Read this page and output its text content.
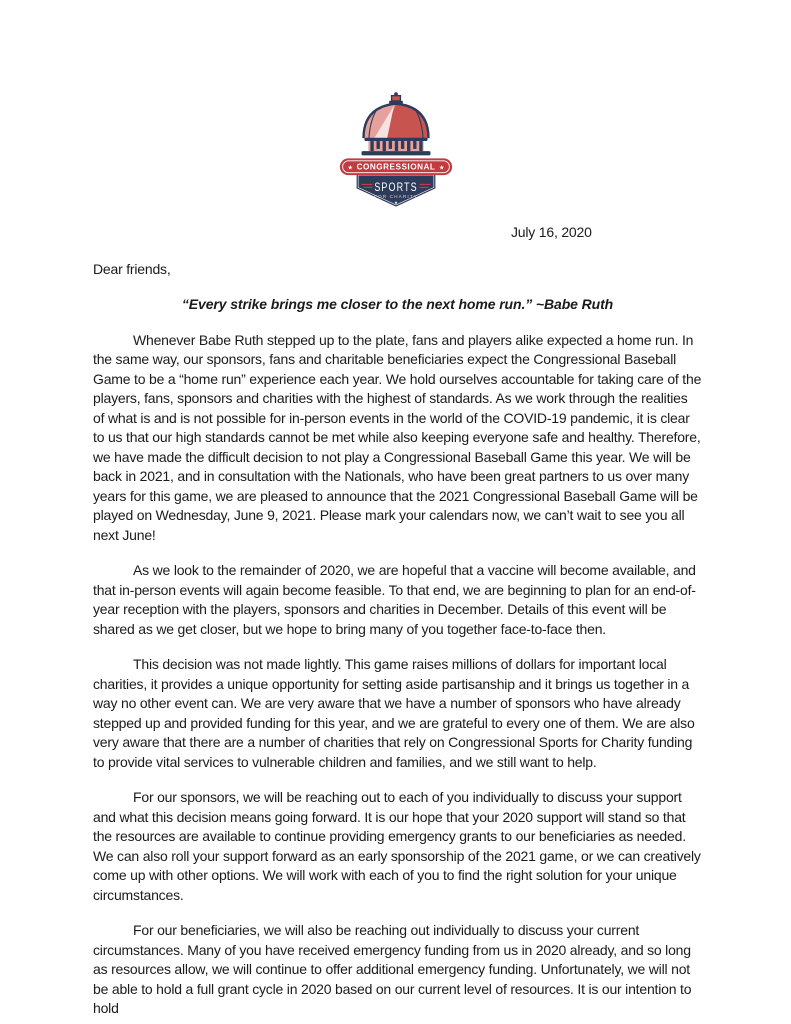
SPORTS
FOR CHARITY
★
★	★
CONGRESSIONAL
July 16, 2020
Dear friends,
“Every strike brings me closer to the next home run.” ~Babe Ruth

Whenever Babe Ruth stepped up to the plate, fans and players alike expected a home run. In the same way, our sponsors, fans and charitable beneficiaries expect the Congressional Baseball Game to be a “home run” experience each year. We hold ourselves accountable for taking care of the players, fans, sponsors and charities with the highest of standards. As we work through the realities of what is and is not possible for in-person events in the world of the COVID-19 pandemic, it is clear to us that our high standards cannot be met while also keeping everyone safe and healthy. Therefore, we have made the difficult decision to not play a Congressional Baseball Game this year. We will be back in 2021, and in consultation with the Nationals, who have been great partners to us over many years for this game, we are pleased to announce that the 2021 Congressional Baseball Game will be played on Wednesday, June 9, 2021. Please mark your calendars now, we can’t wait to see you all next June!

As we look to the remainder of 2020, we are hopeful that a vaccine will become available, and that in-person events will again become feasible. To that end, we are beginning to plan for an end-of-year reception with the players, sponsors and charities in December. Details of this event will be shared as we get closer, but we hope to bring many of you together face-to-face then.

This decision was not made lightly. This game raises millions of dollars for important local charities, it provides a unique opportunity for setting aside partisanship and it brings us together in a way no other event can. We are very aware that we have a number of sponsors who have already stepped up and provided funding for this year, and we are grateful to every one of them. We are also very aware that there are a number of charities that rely on Congressional Sports for Charity funding to provide vital services to vulnerable children and families, and we still want to help.

For our sponsors, we will be reaching out to each of you individually to discuss your support and what this decision means going forward. It is our hope that your 2020 support will stand so that the resources are available to continue providing emergency grants to our beneficiaries as needed. We can also roll your support forward as an early sponsorship of the 2021 game, or we can creatively come up with other options. We will work with each of you to find the right solution for your unique circumstances.

For our beneficiaries, we will also be reaching out individually to discuss your current circumstances. Many of you have received emergency funding from us in 2020 already, and so long as resources allow, we will continue to offer additional emergency funding. Unfortunately, we will not be able to hold a full grant cycle in 2020 based on our current level of resources. It is our intention to hold
